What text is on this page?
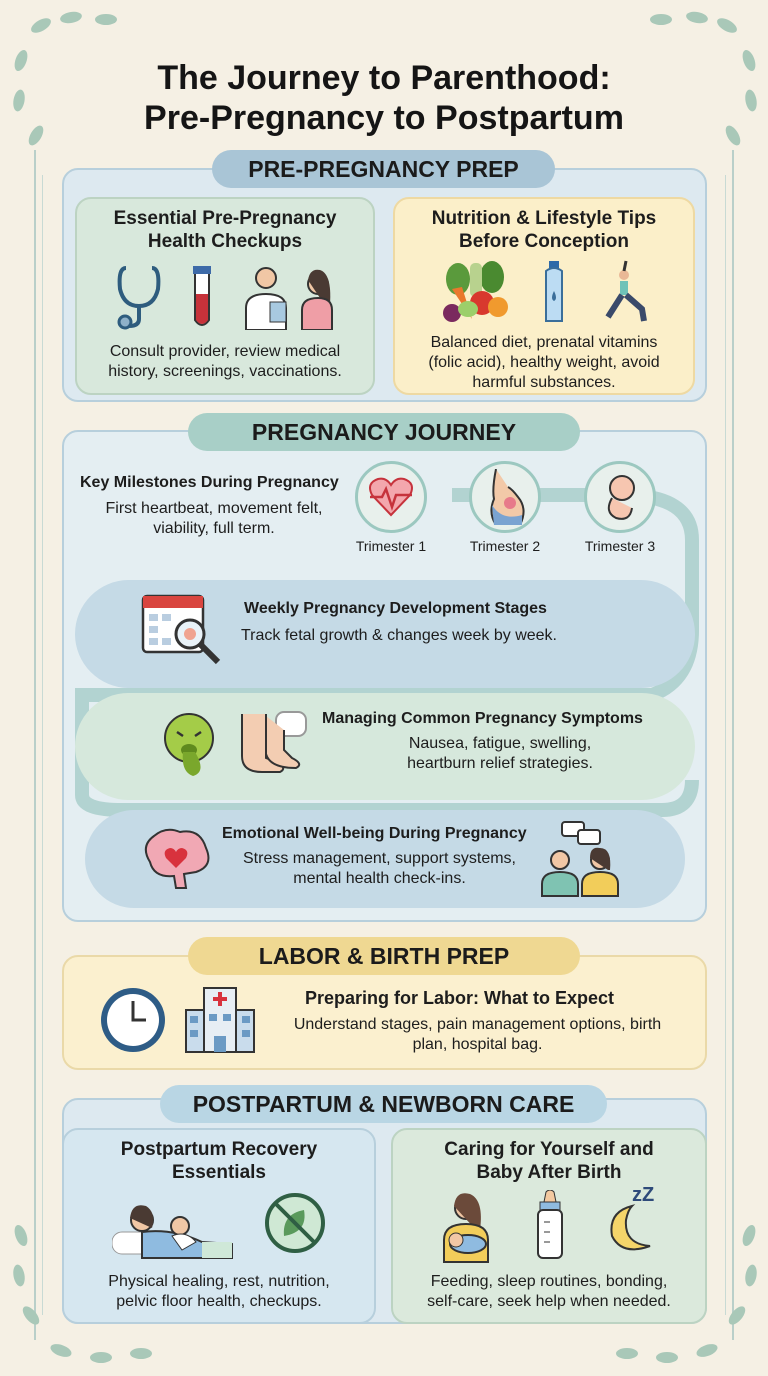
The Journey to Parenthood:
Pre-Pregnancy to Postpartum
PRE-PREGNANCY PREP
Essential Pre-Pregnancy
Health Checkups
Consult provider, review medical
history, screenings, vaccinations.
Nutrition & Lifestyle Tips
Before Conception
Balanced diet, prenatal vitamins
(folic acid), healthy weight, avoid
harmful substances.
PREGNANCY JOURNEY
Key Milestones During Pregnancy
First heartbeat, movement felt,
viability, full term.
Trimester 1	Trimester 2	Trimester 3
Weekly Pregnancy Development Stages
Track fetal growth & changes week by week.
Managing Common Pregnancy Symptoms
Nausea, fatigue, swelling,
heartburn relief strategies.
Emotional Well-being During Pregnancy
Stress management, support systems,
mental health check-ins.
LABOR & BIRTH PREP
Preparing for Labor: What to Expect
Understand stages, pain management options, birth
plan, hospital bag.
POSTPARTUM & NEWBORN CARE
Postpartum Recovery
Essentials
Physical healing, rest, nutrition,
pelvic floor health, checkups.
Caring for Yourself and
Baby After Birth
zZ
Feeding, sleep routines, bonding,
self-care, seek help when needed.
